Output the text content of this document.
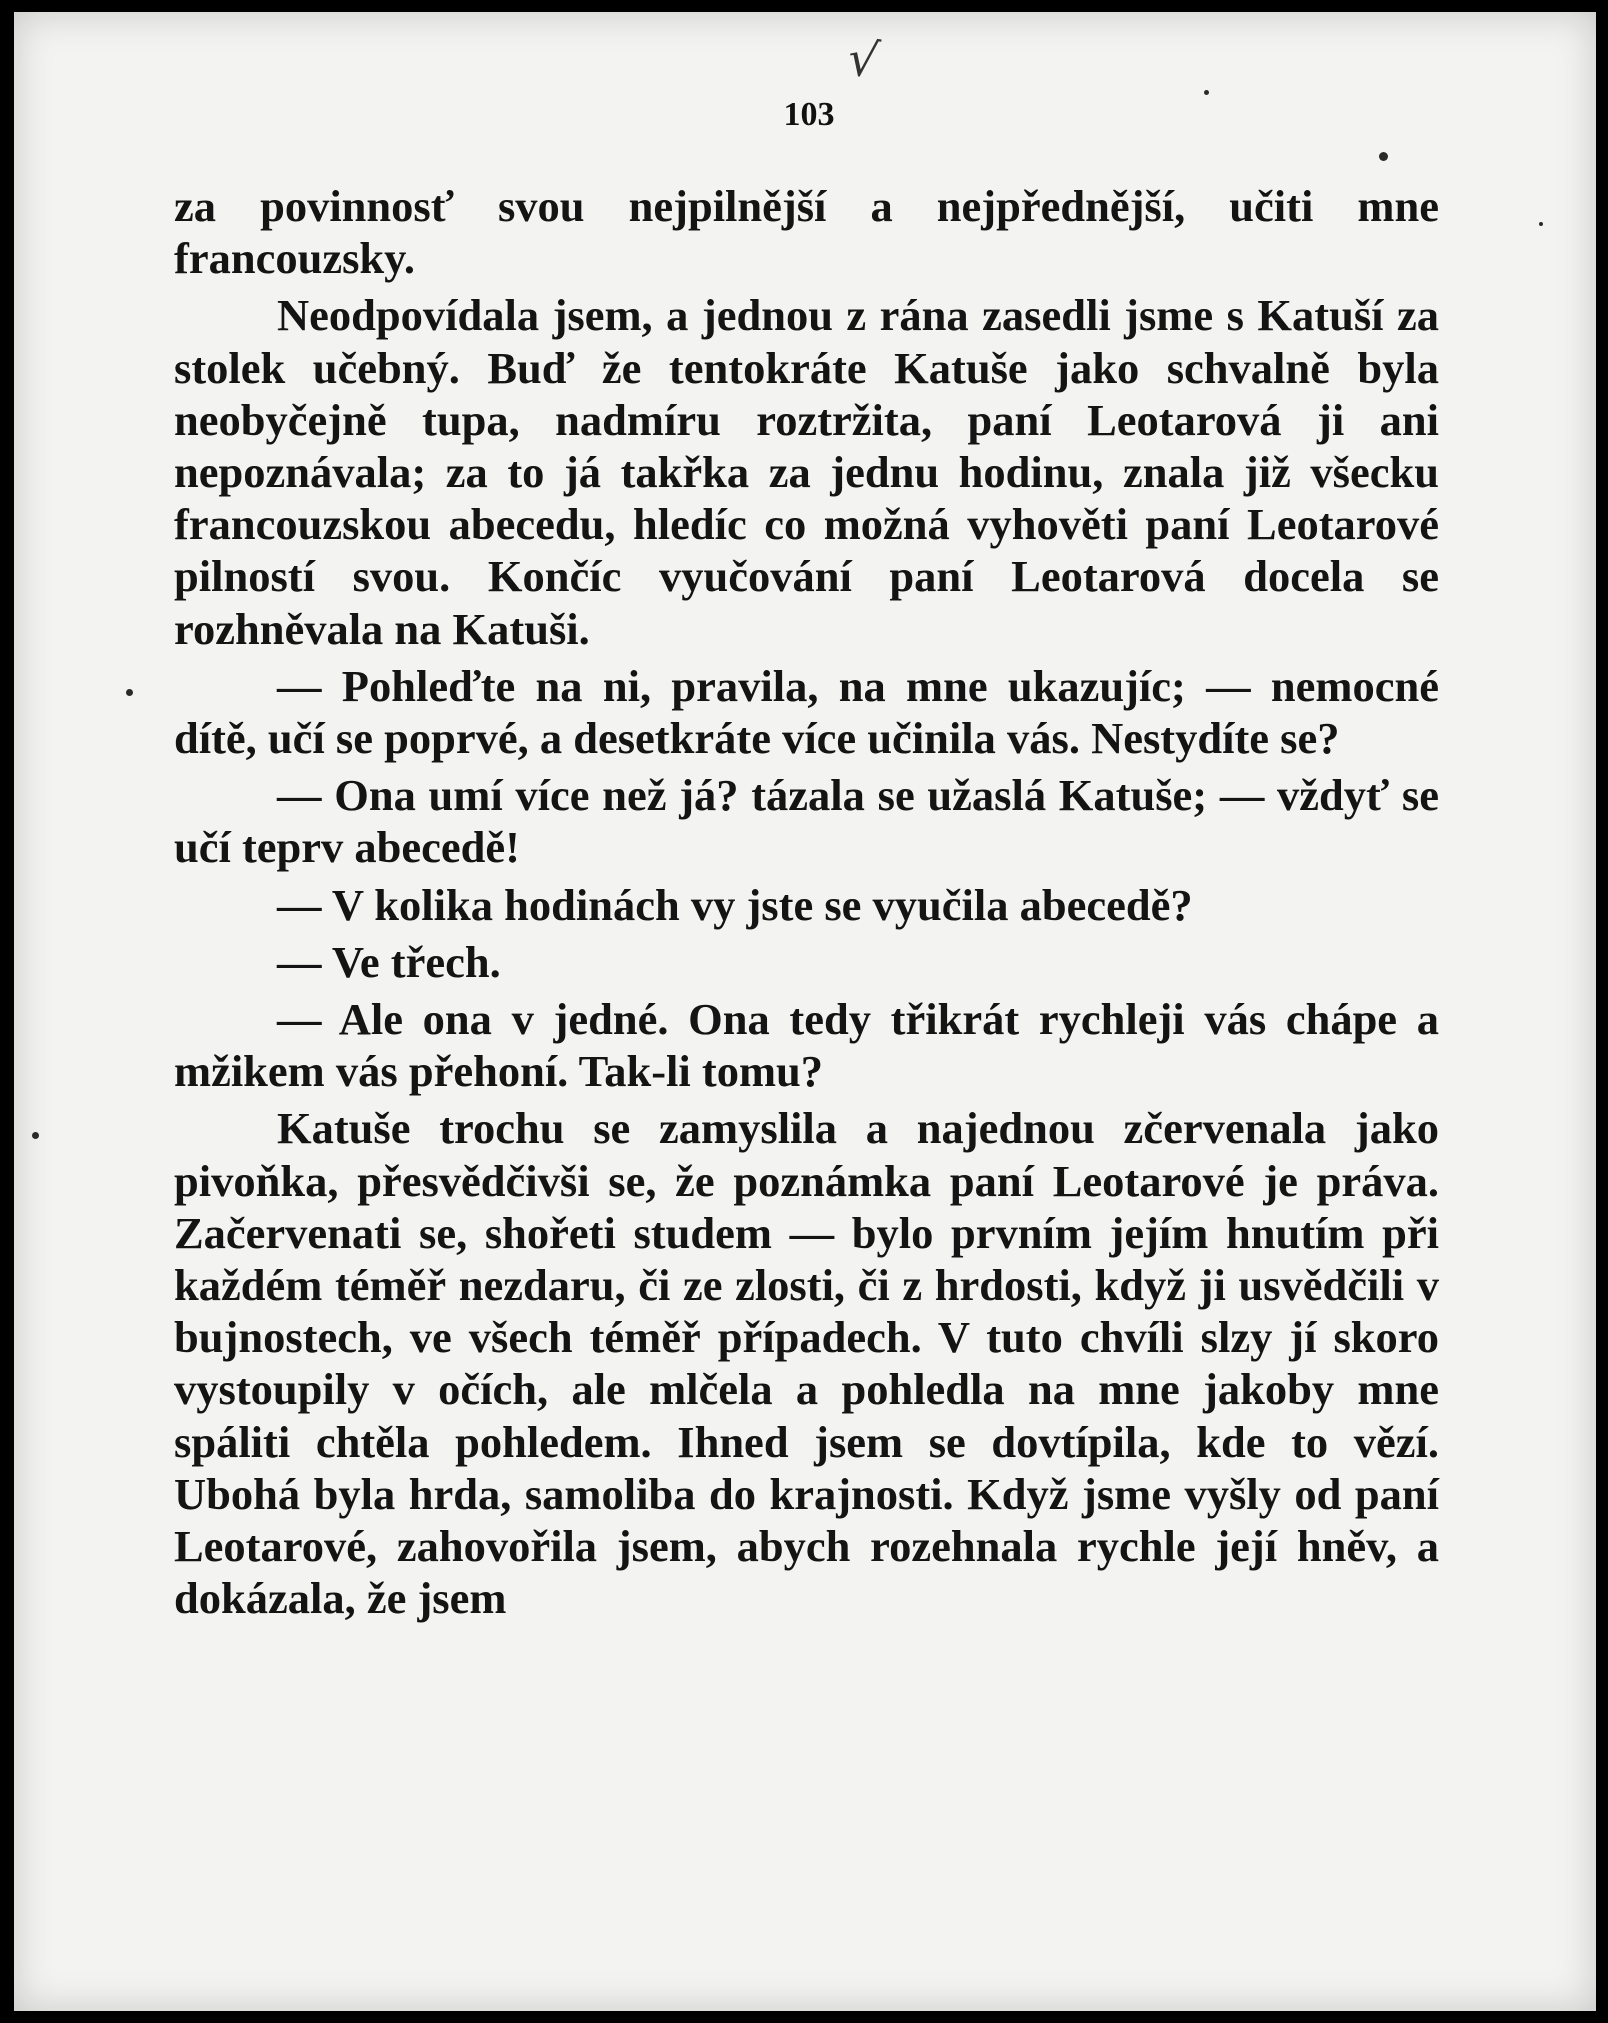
√
103

za povinnosť svou nejpilnější a nejpřednější, učiti mne francouzsky.

Neodpovídala jsem, a jednou z rána zasedli jsme s Katuší za stolek učebný. Buď že tentokráte Katuše jako schvalně byla neobyčejně tupa, nadmíru roztržita, paní Leotarová ji ani nepoznávala; za to já takřka za jednu hodinu, znala již všecku francouzskou abecedu, hledíc co možná vyhověti paní Leotarové pilností svou. Končíc vyučování paní Leotarová docela se rozhněvala na Katuši.

— Pohleďte na ni, pravila, na mne ukazujíc; — nemocné dítě, učí se poprvé, a desetkráte více učinila vás. Nestydíte se?

— Ona umí více než já? tázala se užaslá Katuše; — vždyť se učí teprv abecedě!

— V kolika hodinách vy jste se vyučila abecedě?

— Ve třech.

— Ale ona v jedné. Ona tedy třikrát rychleji vás chápe a mžikem vás přehoní. Tak-li tomu?

Katuše trochu se zamyslila a najednou zčervenala jako pivoňka, přesvědčivši se, že poznámka paní Leotarové je práva. Začervenati se, shořeti studem — bylo prvním jejím hnutím při každém téměř nezdaru, či ze zlosti, či z hrdosti, když ji usvědčili v bujnostech, ve všech téměř případech. V tuto chvíli slzy jí skoro vystoupily v očích, ale mlčela a pohledla na mne jakoby mne spáliti chtěla pohledem. Ihned jsem se dovtípila, kde to vězí. Ubohá byla hrda, samoliba do krajnosti. Když jsme vyšly od paní Leotarové, zahovořila jsem, abych rozehnala rychle její hněv, a dokázala, že jsem
